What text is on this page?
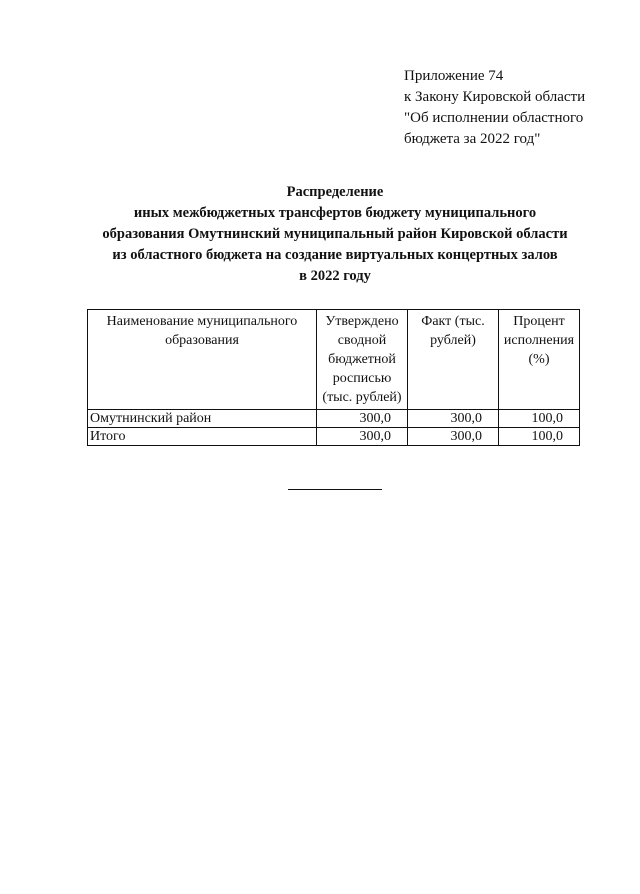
Приложение 74
к Закону Кировской области
"Об исполнении областного
бюджета за 2022 год"
Распределение
иных межбюджетных трансфертов бюджету муниципального
образования Омутнинский муниципальный район Кировской области
из областного бюджета на создание виртуальных концертных залов
в 2022 году
Наименование муниципального образования	Утверждено сводной бюджетной росписью (тыс. рублей)	Факт (тыс. рублей)	Процент исполнения (%)
Омутнинский район	300,0	300,0	100,0
Итого	300,0	300,0	100,0
